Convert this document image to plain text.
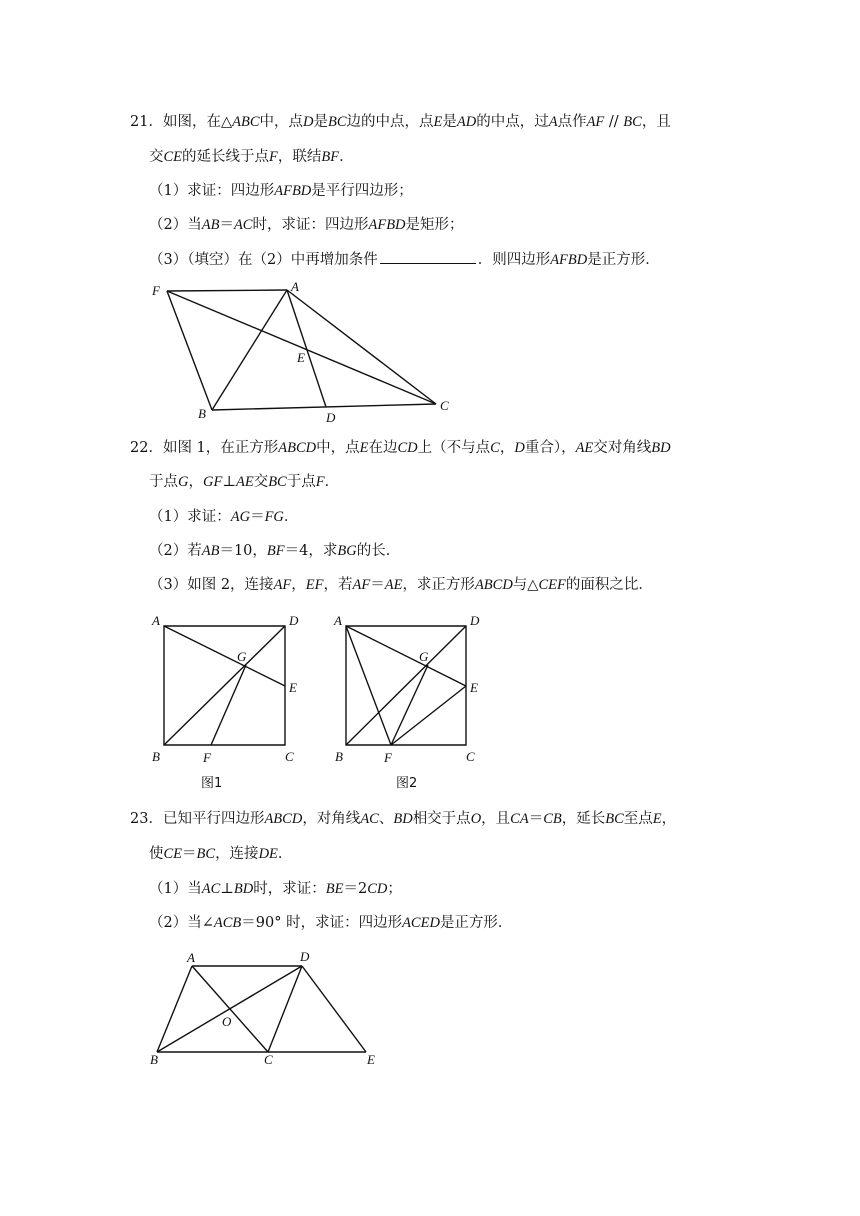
21．如图，在△ABC中，点D是BC边的中点，点E是AD的中点，过A点作AF // BC，且
交CE的延长线于点F，联结BF．
（1）求证：四边形AFBD是平行四边形；
（2）当AB＝AC时，求证：四边形AFBD是矩形；
（3）（填空）在（2）中再增加条件	．则四边形AFBD是正方形．
F	A
E
B	D
C
22．如图 1，在正方形ABCD中，点E在边CD上（不与点C，D重合），AE交对角线BD
于点G，GF⊥AE交BC于点F．
（1）求证：AG＝FG．
（2）若AB＝10，BF＝4，求BG的长．
（3）如图 2，连接AF，EF，若AF＝AE，求正方形ABCD与△CEF的面积之比．
A	D
G
E
B	F	C
图1
A	D
G
E
B	F	C
图2
23．已知平行四边形ABCD，对角线AC、BD相交于点O，且CA＝CB，延长BC至点E，
使CE＝BC，连接DE．
（1）当AC⊥BD时，求证：BE＝2CD；
（2）当∠ACB＝90° 时，求证：四边形ACED是正方形．
A	D
O
B	C	E
